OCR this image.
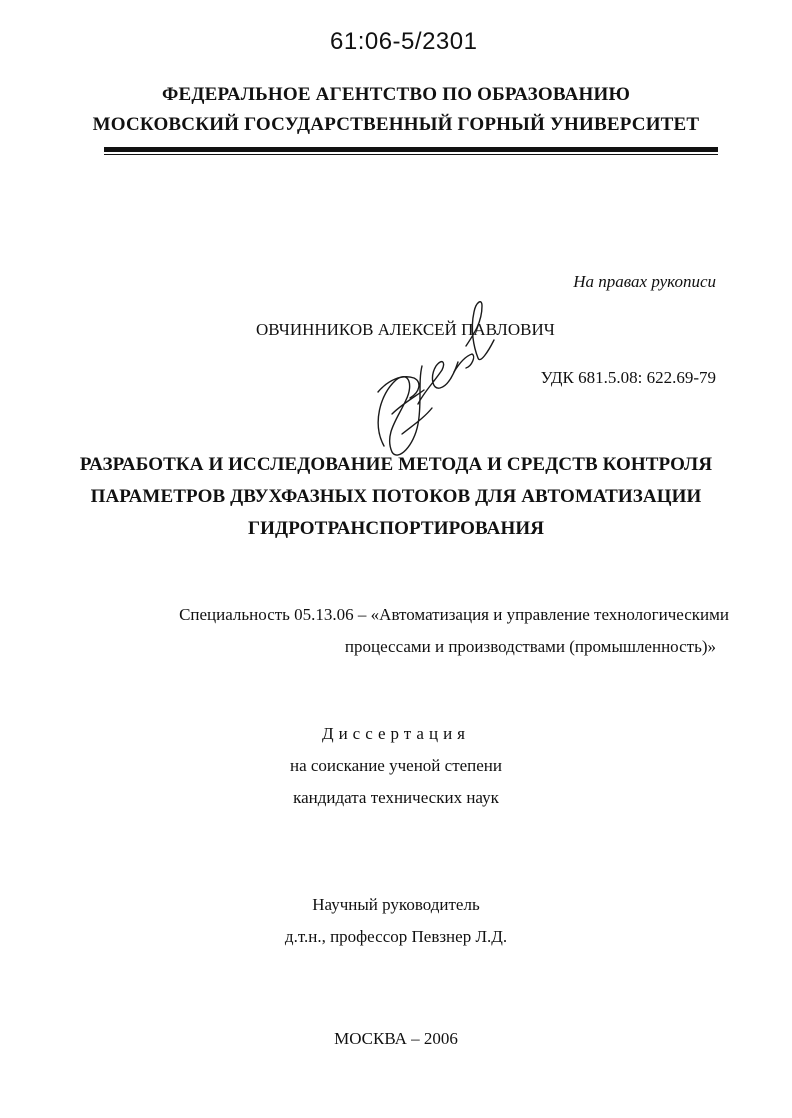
61:06-5/2301
ФЕДЕРАЛЬНОЕ АГЕНТСТВО ПО ОБРАЗОВАНИЮ
МОСКОВСКИЙ ГОСУДАРСТВЕННЫЙ ГОРНЫЙ УНИВЕРСИТЕТ
На правах рукописи
ОВЧИННИКОВ АЛЕКСЕЙ ПАВЛОВИЧ
УДК 681.5.08: 622.69-79
РАЗРАБОТКА И ИССЛЕДОВАНИЕ МЕТОДА И СРЕДСТВ КОНТРОЛЯ
ПАРАМЕТРОВ ДВУХФАЗНЫХ ПОТОКОВ ДЛЯ АВТОМАТИЗАЦИИ
ГИДРОТРАНСПОРТИРОВАНИЯ
Специальность 05.13.06 – «Автоматизация и управление технологическими
процессами и производствами (промышленность)»
Диссертация
на соискание ученой степени
кандидата технических наук
Научный руководитель
д.т.н., профессор Певзнер Л.Д.
МОСКВА – 2006
